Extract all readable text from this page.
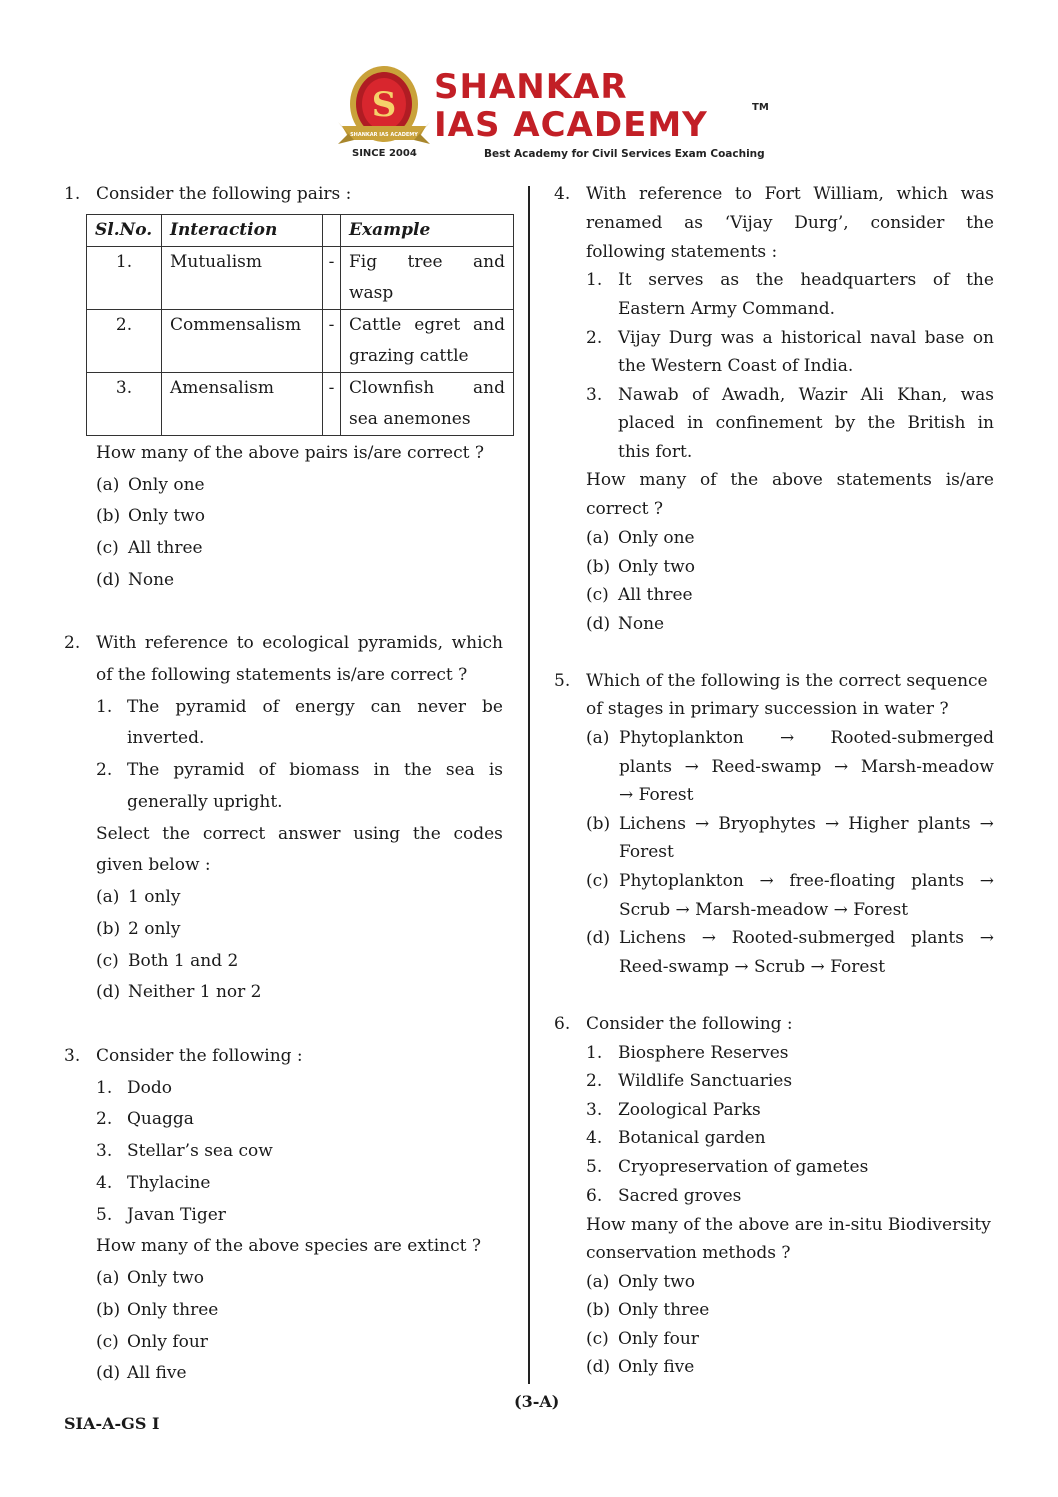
S
SHANKAR IAS ACADEMY
SHANKAR
IAS ACADEMY	TM
SINCE 2004	Best Academy for Civil Services Exam Coaching
1. Consider the following pairs :
Sl.No.	Interaction		Example
1.	Mutualism	-	Fig tree and
wasp

2.	Commensalism	-	Cattle egret and
grazing cattle

3.	Amensalism	-	Clownfish and
sea anemones
How many of the above pairs is/are correct ?
(a) Only one
(b) Only two
(c) All three
(d) None
2. With reference to ecological pyramids, which
of the following statements is/are correct ?
1. The pyramid of energy can never be
inverted.
2. The pyramid of biomass in the sea is
generally upright.
Select the correct answer using the codes
given below :
(a) 1 only
(b) 2 only
(c) Both 1 and 2
(d) Neither 1 nor 2
3. Consider the following :
1. Dodo
2. Quagga
3. Stellar’s sea cow
4. Thylacine
5. Javan Tiger
How many of the above species are extinct ?
(a) Only two
(b) Only three
(c) Only four
(d) All five
4. With reference to Fort William, which was
renamed as ‘Vijay Durg’, consider the
following statements :
1. It serves as the headquarters of the
Eastern Army Command.
2. Vijay Durg was a historical naval base on
the Western Coast of India.
3. Nawab of Awadh, Wazir Ali Khan, was
placed in confinement by the British in
this fort.
How many of the above statements is/are
correct ?
(a) Only one
(b) Only two
(c) All three
(d) None
5. Which of the following is the correct sequence
of stages in primary succession in water ?
(a) Phytoplankton → Rooted-submerged
plants → Reed-swamp → Marsh-meadow
→ Forest
(b) Lichens → Bryophytes → Higher plants →
Forest
(c) Phytoplankton → free-floating plants →
Scrub → Marsh-meadow → Forest
(d) Lichens → Rooted-submerged plants →
Reed-swamp → Scrub → Forest
6. Consider the following :
1. Biosphere Reserves
2. Wildlife Sanctuaries
3. Zoological Parks
4. Botanical garden
5. Cryopreservation of gametes
6. Sacred groves
How many of the above are in-situ Biodiversity
conservation methods ?
(a) Only two
(b) Only three
(c) Only four
(d) Only five
(3-A)
SIA-A-GS I
